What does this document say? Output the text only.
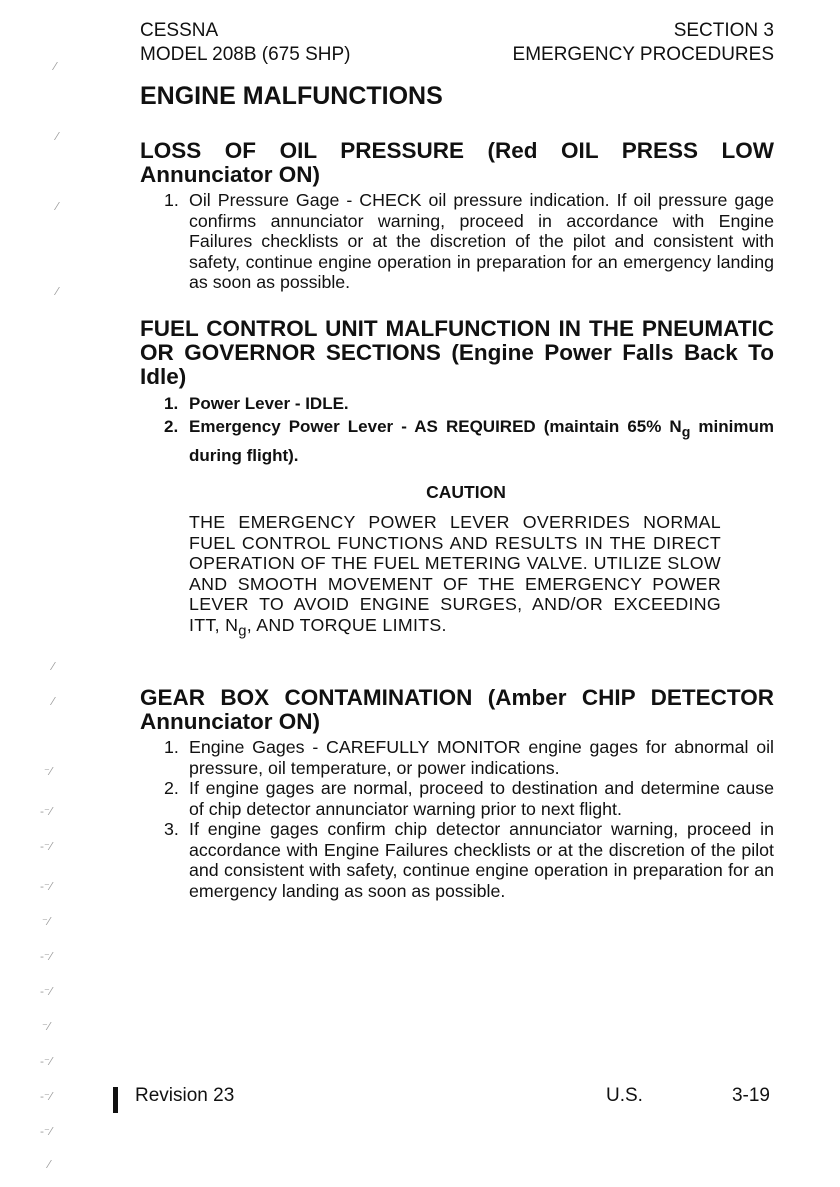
CESSNA
MODEL 208B (675 SHP)
SECTION 3
EMERGENCY PROCEDURES
ENGINE MALFUNCTIONS
LOSS OF OIL PRESSURE (Red OIL PRESS LOW Annunciator ON)
1. Oil Pressure Gage - CHECK oil pressure indication. If oil pressure gage confirms annunciator warning, proceed in accordance with Engine Failures checklists or at the discretion of the pilot and consistent with safety, continue engine operation in preparation for an emergency landing as soon as possible.
FUEL CONTROL UNIT MALFUNCTION IN THE PNEUMATIC OR GOVERNOR SECTIONS (Engine Power Falls Back To Idle)
1. Power Lever - IDLE.
2. Emergency Power Lever - AS REQUIRED (maintain 65% $N_g$ minimum during flight).
CAUTION
THE EMERGENCY POWER LEVER OVERRIDES NORMAL FUEL CONTROL FUNCTIONS AND RESULTS IN THE DIRECT OPERATION OF THE FUEL METERING VALVE. UTILIZE SLOW AND SMOOTH MOVEMENT OF THE EMERGENCY POWER LEVER TO AVOID ENGINE SURGES, AND/OR EXCEEDING ITT, $N_g$, AND TORQUE LIMITS.
GEAR BOX CONTAMINATION (Amber CHIP DETECTOR Annunciator ON)
1. Engine Gages - CAREFULLY MONITOR engine gages for abnormal oil pressure, oil temperature, or power indications.
2. If engine gages are normal, proceed to destination and determine cause of chip detector annunciator warning prior to next flight.
3. If engine gages confirm chip detector annunciator warning, proceed in accordance with Engine Failures checklists or at the discretion of the pilot and consistent with safety, continue engine operation in preparation for an emergency landing as soon as possible.
Revision 23	U.S.	3-19
⁄
⁄
⁄
⁄
⁄
⁄
⁻⁄
‐⁻⁄
‐⁻⁄
‐⁻⁄
⁻⁄
‐⁻⁄
‐⁻⁄
⁻⁄
‐⁻⁄
‐⁻⁄
‐⁻⁄
⁄
